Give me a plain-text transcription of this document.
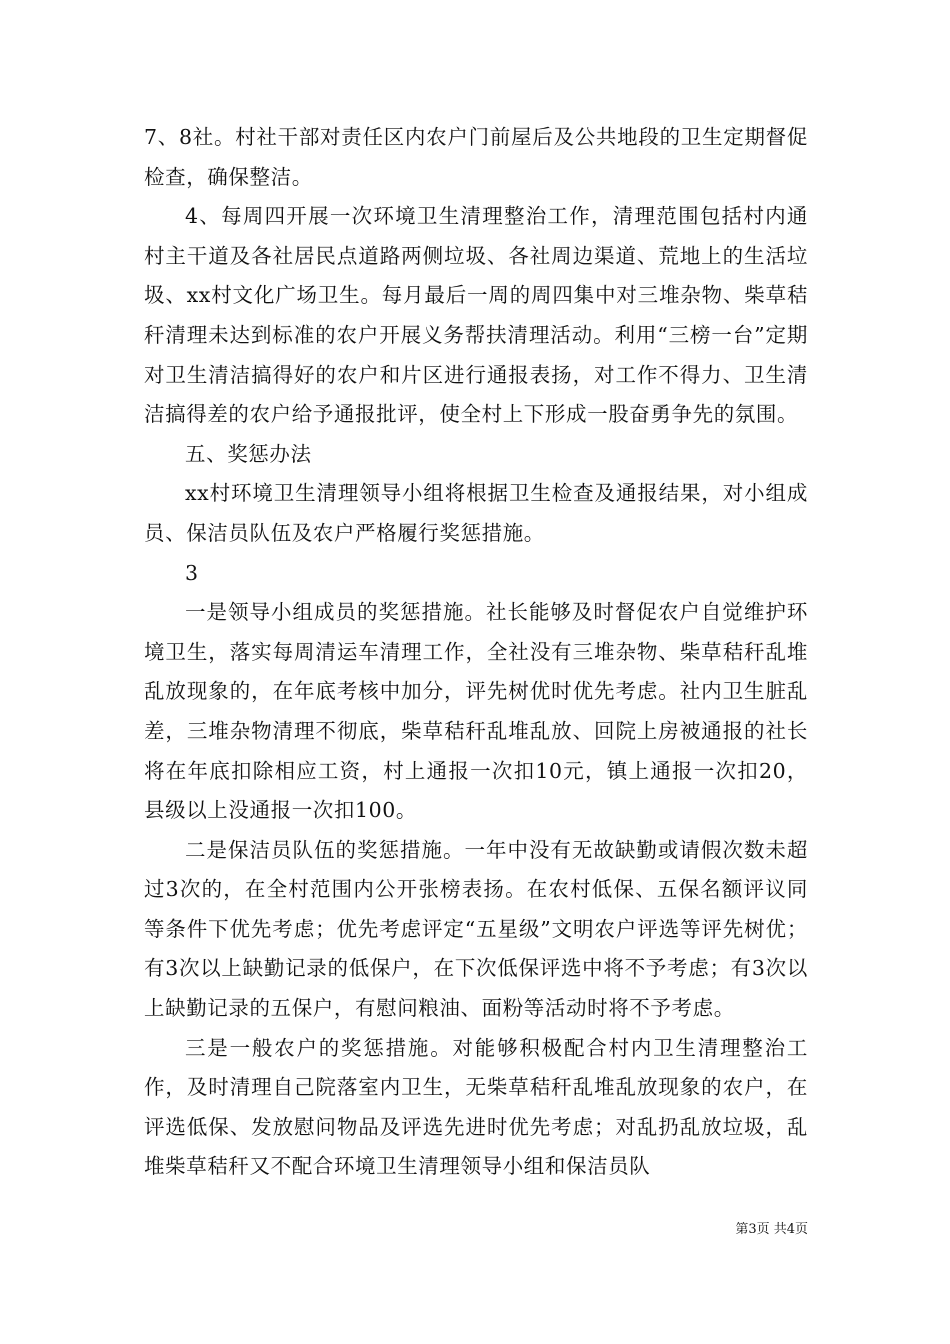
7、8社。村社干部对责任区内农户门前屋后及公共地段的卫生定期督促检查，确保整洁。

4、每周四开展一次环境卫生清理整治工作，清理范围包括村内通村主干道及各社居民点道路两侧垃圾、各社周边渠道、荒地上的生活垃圾、xx村文化广场卫生。每月最后一周的周四集中对三堆杂物、柴草秸秆清理未达到标准的农户开展义务帮扶清理活动。利用“三榜一台”定期对卫生清洁搞得好的农户和片区进行通报表扬，对工作不得力、卫生清洁搞得差的农户给予通报批评，使全村上下形成一股奋勇争先的氛围。

五、奖惩办法

xx村环境卫生清理领导小组将根据卫生检查及通报结果，对小组成员、保洁员队伍及农户严格履行奖惩措施。

3

一是领导小组成员的奖惩措施。社长能够及时督促农户自觉维护环境卫生，落实每周清运车清理工作，全社没有三堆杂物、柴草秸秆乱堆乱放现象的，在年底考核中加分，评先树优时优先考虑。社内卫生脏乱差，三堆杂物清理不彻底，柴草秸秆乱堆乱放、回院上房被通报的社长将在年底扣除相应工资，村上通报一次扣10元，镇上通报一次扣20，县级以上没通报一次扣100。

二是保洁员队伍的奖惩措施。一年中没有无故缺勤或请假次数未超过3次的，在全村范围内公开张榜表扬。在农村低保、五保名额评议同等条件下优先考虑；优先考虑评定“五星级”文明农户评选等评先树优；有3次以上缺勤记录的低保户，在下次低保评选中将不予考虑；有3次以上缺勤记录的五保户，有慰问粮油、面粉等活动时将不予考虑。

三是一般农户的奖惩措施。对能够积极配合村内卫生清理整治工作，及时清理自己院落室内卫生，无柴草秸秆乱堆乱放现象的农户，在评选低保、发放慰问物品及评选先进时优先考虑；对乱扔乱放垃圾，乱堆柴草秸秆又不配合环境卫生清理领导小组和保洁员队

第3页 共4页
